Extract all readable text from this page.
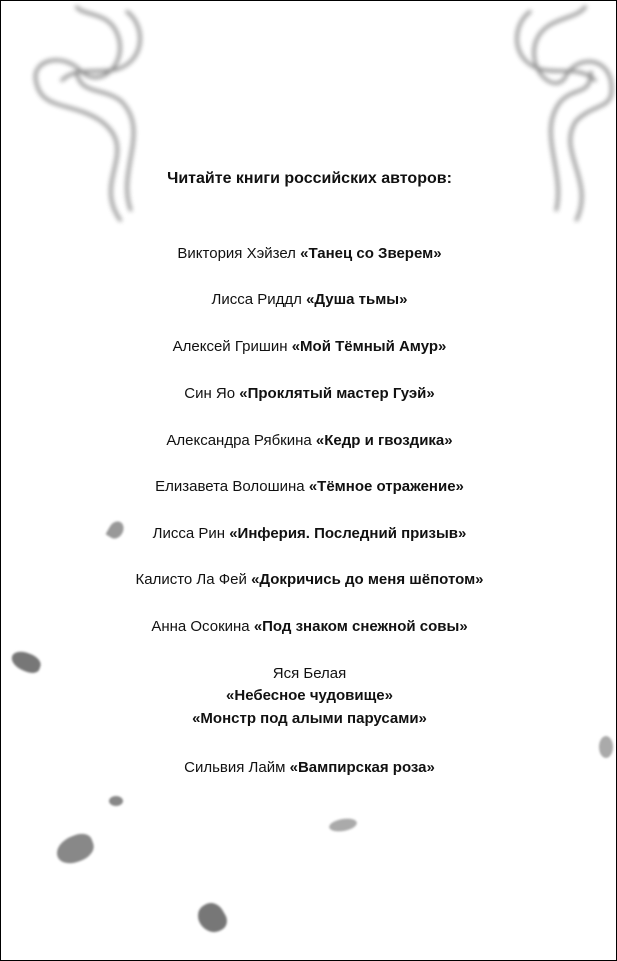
Читайте книги российских авторов:
Виктория Хэйзел «Танец со Зверем»
Лисса Риддл «Душа тьмы»
Алексей Гришин «Мой Тёмный Амур»
Син Яо «Проклятый мастер Гуэй»
Александра Рябкина «Кедр и гвоздика»
Елизавета Волошина «Тёмное отражение»
Лисса Рин «Инферия. Последний призыв»
Калисто Ла Фей «Докричись до меня шёпотом»
Анна Осокина «Под знаком снежной совы»
Яся Белая
«Небесное чудовище»
«Монстр под алыми парусами»
Сильвия Лайм «Вампирская роза»
